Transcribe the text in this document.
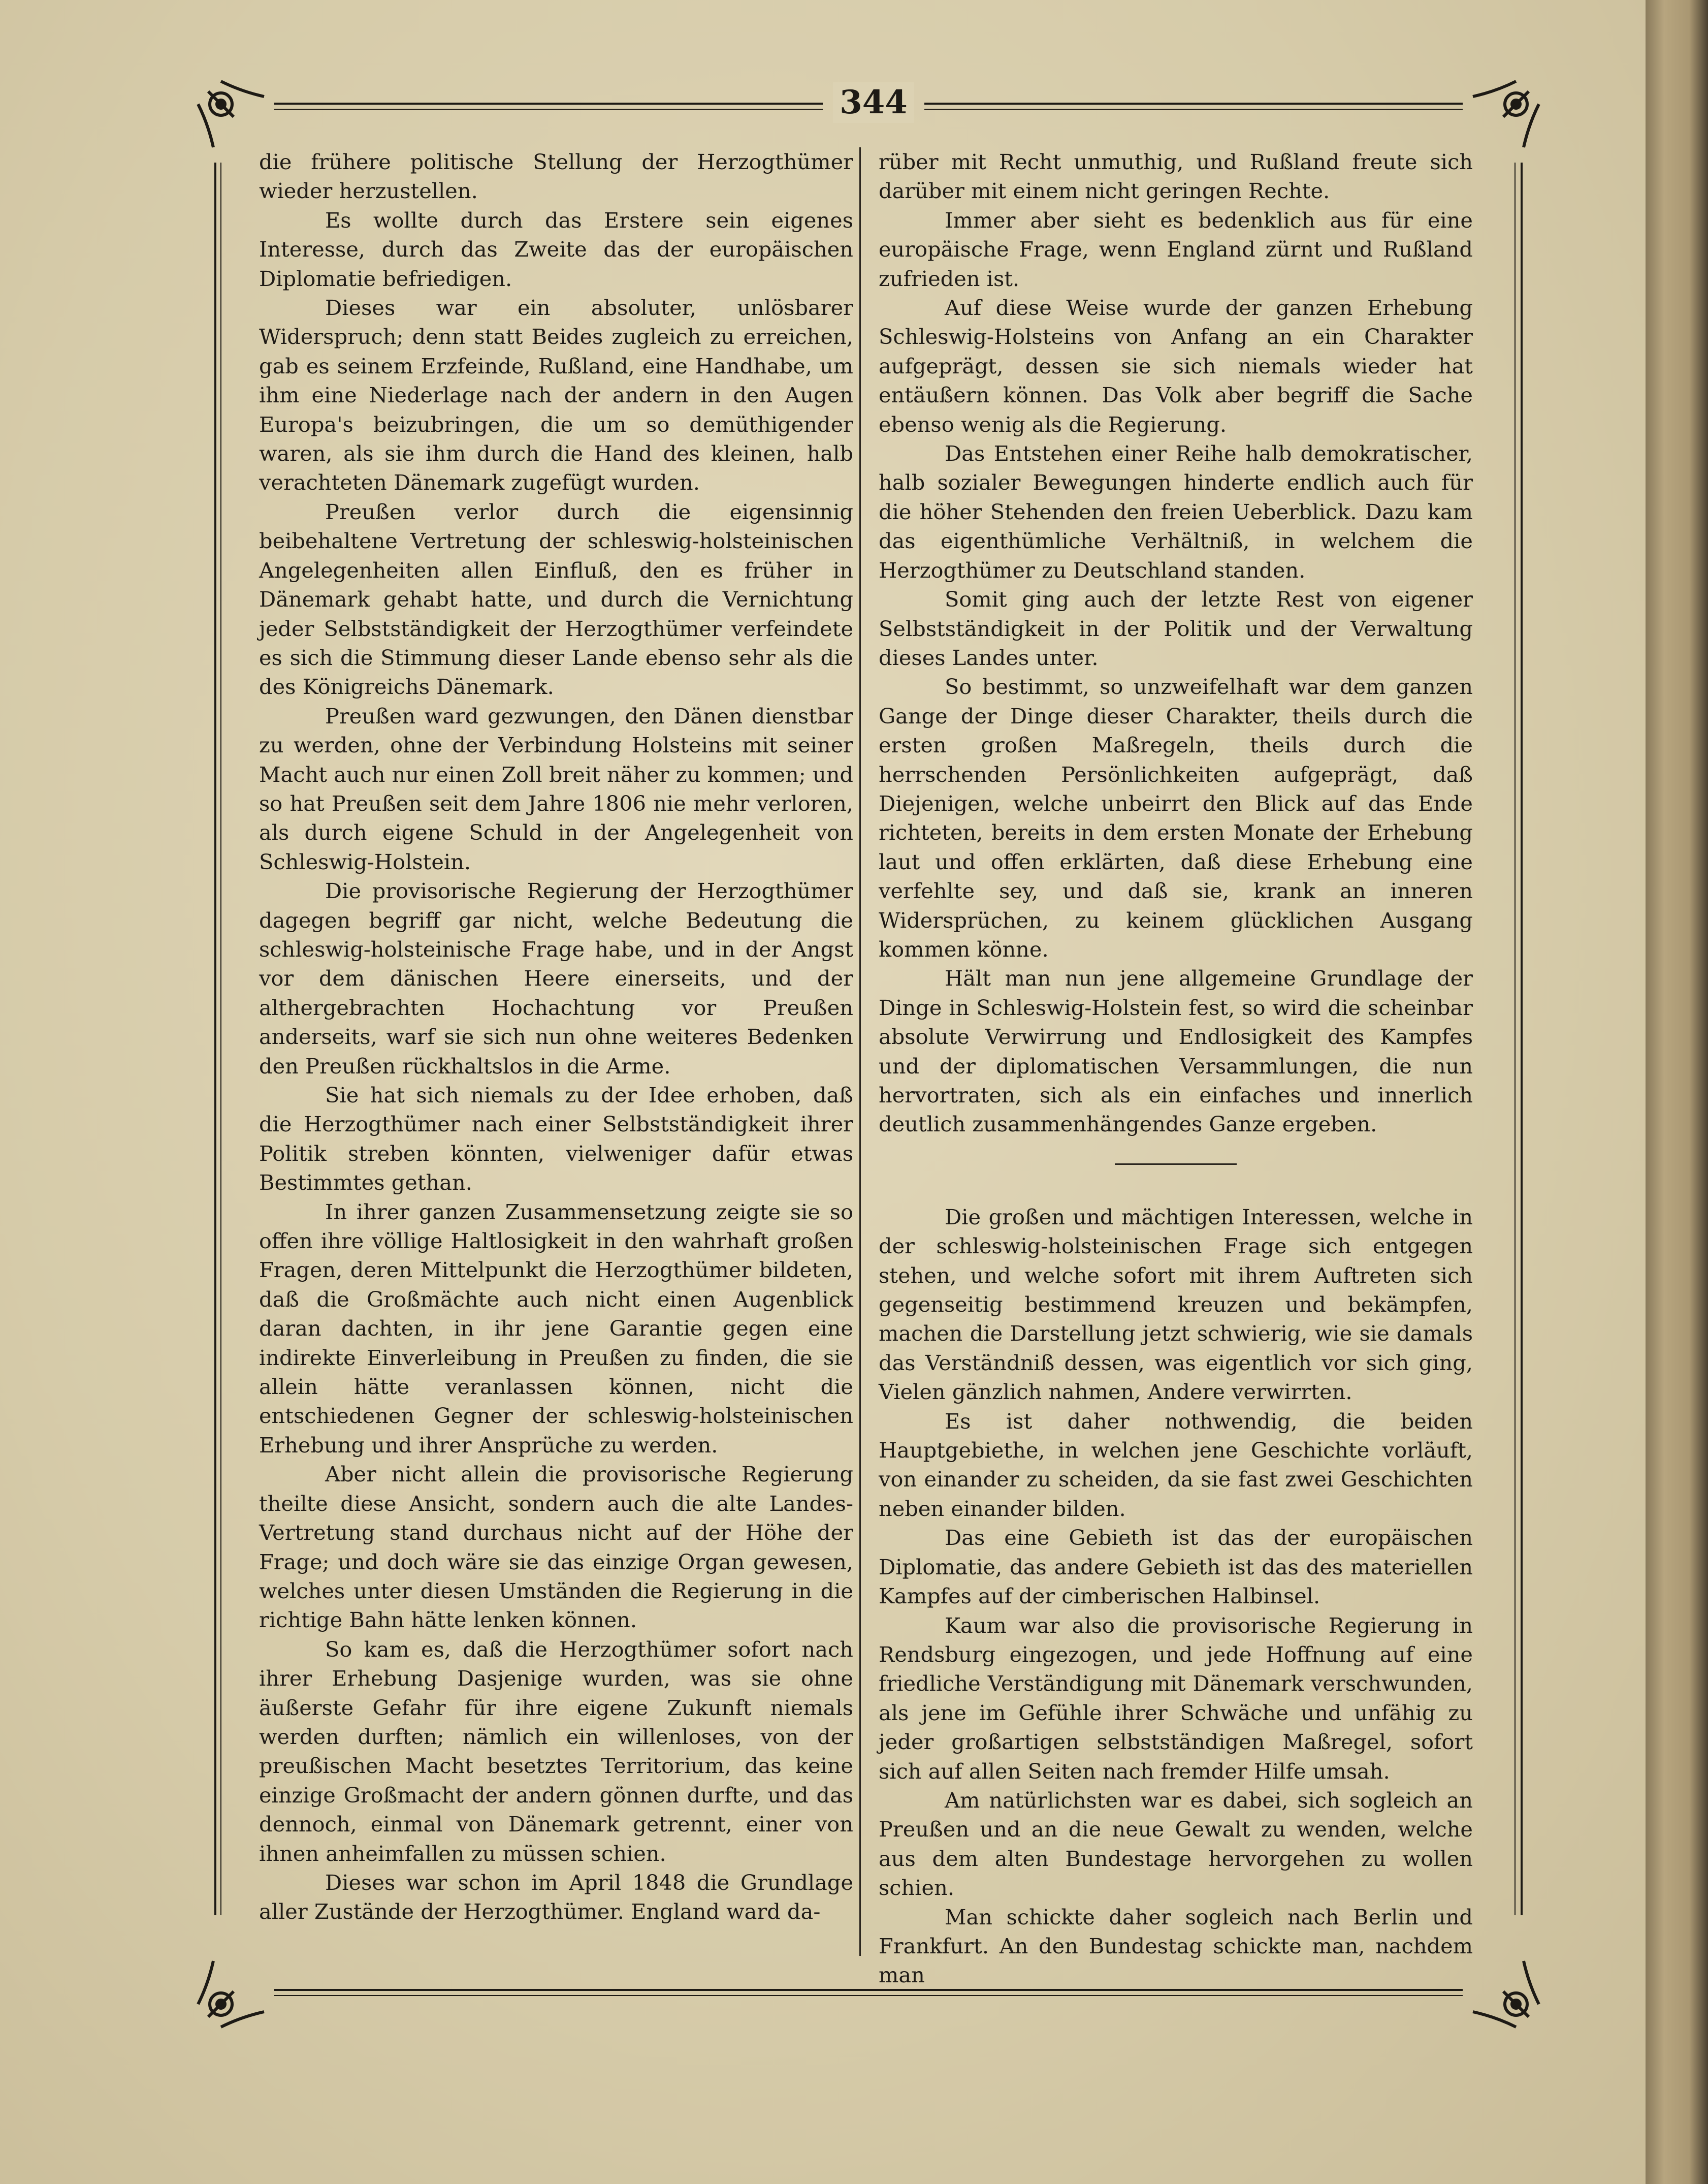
344

die frühere politische Stellung der Herzogthümer wieder herzustellen.

Es wollte durch das Erstere sein eigenes Interesse, durch das Zweite das der europäischen Diplomatie befriedigen.

Dieses war ein absoluter, unlösbarer Widerspruch; denn statt Beides zugleich zu erreichen, gab es seinem Erzfeinde, Rußland, eine Handhabe, um ihm eine Niederlage nach der andern in den Augen Europa's beizubringen, die um so demüthigender waren, als sie ihm durch die Hand des kleinen, halb verachteten Dänemark zugefügt wurden.

Preußen verlor durch die eigensinnig beibehaltene Vertretung der schleswig-holsteinischen Angelegenheiten allen Einfluß, den es früher in Dänemark gehabt hatte, und durch die Vernichtung jeder Selbstständigkeit der Herzogthümer verfeindete es sich die Stimmung dieser Lande ebenso sehr als die des Königreichs Dänemark.

Preußen ward gezwungen, den Dänen dienstbar zu werden, ohne der Verbindung Holsteins mit seiner Macht auch nur einen Zoll breit näher zu kommen; und so hat Preußen seit dem Jahre 1806 nie mehr verloren, als durch eigene Schuld in der Angelegenheit von Schleswig-Holstein.

Die provisorische Regierung der Herzogthümer dagegen begriff gar nicht, welche Bedeutung die schleswig-holsteinische Frage habe, und in der Angst vor dem dänischen Heere einerseits, und der althergebrachten Hochachtung vor Preußen anderseits, warf sie sich nun ohne weiteres Bedenken den Preußen rückhaltslos in die Arme.

Sie hat sich niemals zu der Idee erhoben, daß die Herzogthümer nach einer Selbstständigkeit ihrer Politik streben könnten, vielweniger dafür etwas Bestimmtes gethan.

In ihrer ganzen Zusammensetzung zeigte sie so offen ihre völlige Haltlosigkeit in den wahrhaft großen Fragen, deren Mittelpunkt die Herzogthümer bildeten, daß die Großmächte auch nicht einen Augenblick daran dachten, in ihr jene Garantie gegen eine indirekte Einverleibung in Preußen zu finden, die sie allein hätte veranlassen können, nicht die entschiedenen Gegner der schleswig-holsteinischen Erhebung und ihrer Ansprüche zu werden.

Aber nicht allein die provisorische Regierung theilte diese Ansicht, sondern auch die alte Landes-Vertretung stand durchaus nicht auf der Höhe der Frage; und doch wäre sie das einzige Organ gewesen, welches unter diesen Umständen die Regierung in die richtige Bahn hätte lenken können.

So kam es, daß die Herzogthümer sofort nach ihrer Erhebung Dasjenige wurden, was sie ohne äußerste Gefahr für ihre eigene Zukunft niemals werden durften; nämlich ein willenloses, von der preußischen Macht besetztes Territorium, das keine einzige Großmacht der andern gönnen durfte, und das dennoch, einmal von Dänemark getrennt, einer von ihnen anheimfallen zu müssen schien.

Dieses war schon im April 1848 die Grundlage aller Zustände der Herzogthümer. England ward da-

rüber mit Recht unmuthig, und Rußland freute sich darüber mit einem nicht geringen Rechte.

Immer aber sieht es bedenklich aus für eine europäische Frage, wenn England zürnt und Rußland zufrieden ist.

Auf diese Weise wurde der ganzen Erhebung Schleswig-Holsteins von Anfang an ein Charakter aufgeprägt, dessen sie sich niemals wieder hat entäußern können. Das Volk aber begriff die Sache ebenso wenig als die Regierung.

Das Entstehen einer Reihe halb demokratischer, halb sozialer Bewegungen hinderte endlich auch für die höher Stehenden den freien Ueberblick. Dazu kam das eigenthümliche Verhältniß, in welchem die Herzogthümer zu Deutschland standen.

Somit ging auch der letzte Rest von eigener Selbstständigkeit in der Politik und der Verwaltung dieses Landes unter.

So bestimmt, so unzweifelhaft war dem ganzen Gange der Dinge dieser Charakter, theils durch die ersten großen Maßregeln, theils durch die herrschenden Persönlichkeiten aufgeprägt, daß Diejenigen, welche unbeirrt den Blick auf das Ende richteten, bereits in dem ersten Monate der Erhebung laut und offen erklärten, daß diese Erhebung eine verfehlte sey, und daß sie, krank an inneren Widersprüchen, zu keinem glücklichen Ausgang kommen könne.

Hält man nun jene allgemeine Grundlage der Dinge in Schleswig-Holstein fest, so wird die scheinbar absolute Verwirrung und Endlosigkeit des Kampfes und der diplomatischen Versammlungen, die nun hervortraten, sich als ein einfaches und innerlich deutlich zusammenhängendes Ganze ergeben.

Die großen und mächtigen Interessen, welche in der schleswig-holsteinischen Frage sich entgegen stehen, und welche sofort mit ihrem Auftreten sich gegenseitig bestimmend kreuzen und bekämpfen, machen die Darstellung jetzt schwierig, wie sie damals das Verständniß dessen, was eigentlich vor sich ging, Vielen gänzlich nahmen, Andere verwirrten.

Es ist daher nothwendig, die beiden Hauptgebiethe, in welchen jene Geschichte vorläuft, von einander zu scheiden, da sie fast zwei Geschichten neben einander bilden.

Das eine Gebieth ist das der europäischen Diplomatie, das andere Gebieth ist das des materiellen Kampfes auf der cimberischen Halbinsel.

Kaum war also die provisorische Regierung in Rendsburg eingezogen, und jede Hoffnung auf eine friedliche Verständigung mit Dänemark verschwunden, als jene im Gefühle ihrer Schwäche und unfähig zu jeder großartigen selbstständigen Maßregel, sofort sich auf allen Seiten nach fremder Hilfe umsah.

Am natürlichsten war es dabei, sich sogleich an Preußen und an die neue Gewalt zu wenden, welche aus dem alten Bundestage hervorgehen zu wollen schien.

Man schickte daher sogleich nach Berlin und Frankfurt. An den Bundestag schickte man, nachdem man
